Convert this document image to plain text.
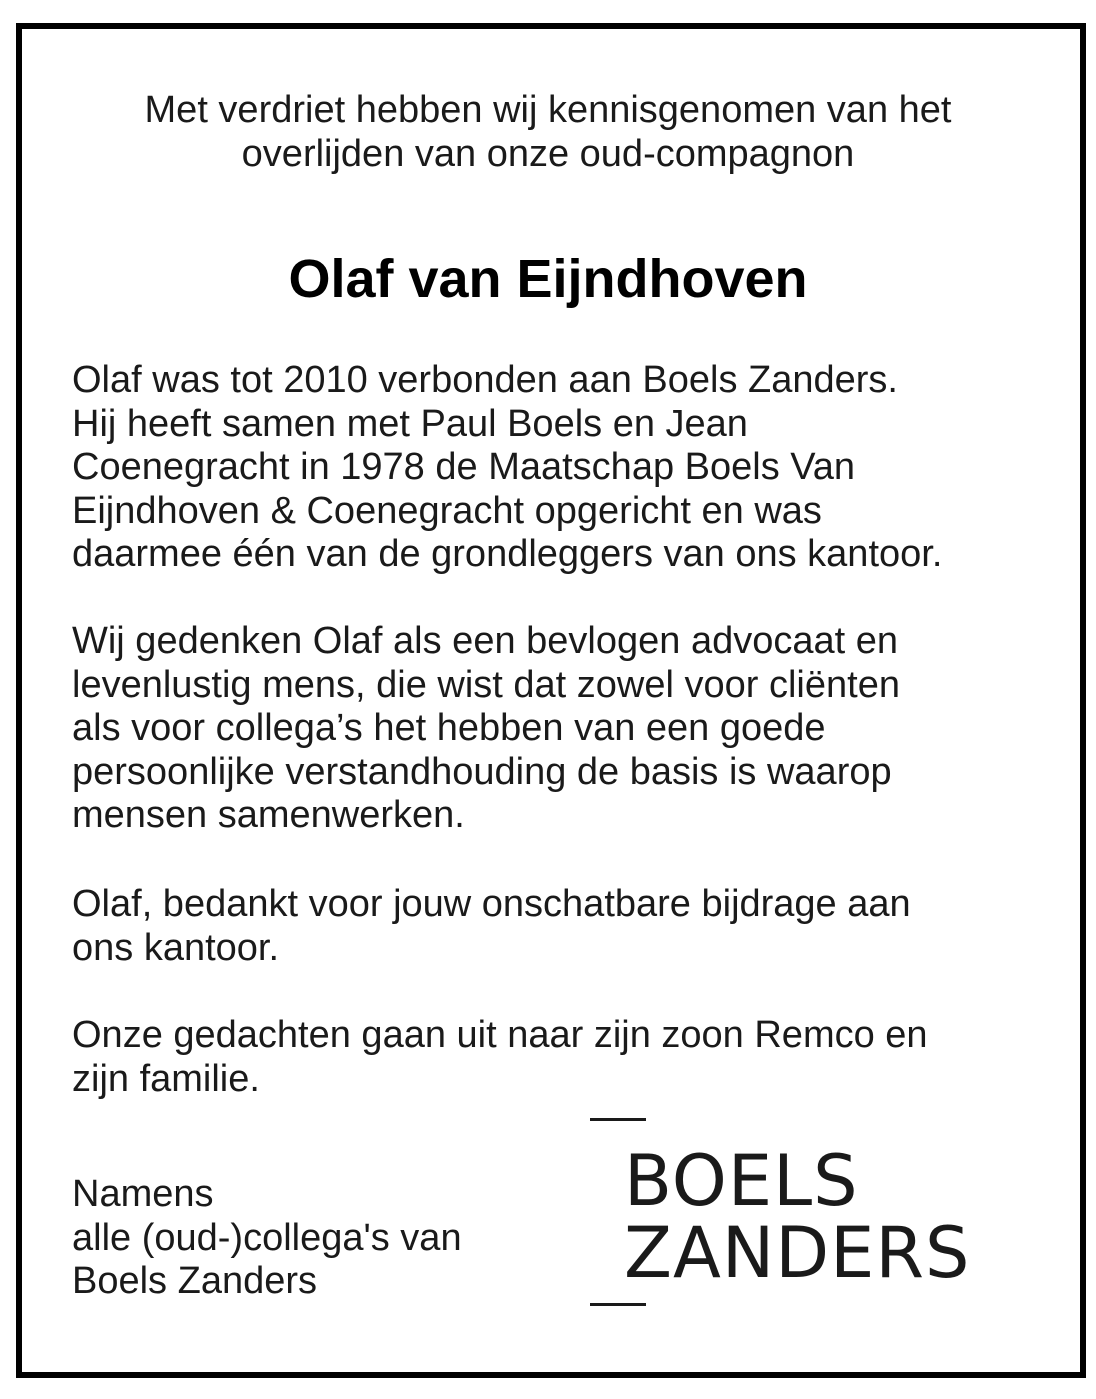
Met verdriet hebben wij kennisgenomen van het
overlijden van onze oud-compagnon
Olaf van Eijndhoven
Olaf was tot 2010 verbonden aan Boels Zanders.
Hij heeft samen met Paul Boels en Jean
Coenegracht in 1978 de Maatschap Boels Van
Eijndhoven & Coenegracht opgericht en was
daarmee één van de grondleggers van ons kantoor.
Wij gedenken Olaf als een bevlogen advocaat en
levenlustig mens, die wist dat zowel voor cliënten
als voor collega’s het hebben van een goede
persoonlijke verstandhouding de basis is waarop
mensen samenwerken.
Olaf, bedankt voor jouw onschatbare bijdrage aan
ons kantoor.
Onze gedachten gaan uit naar zijn zoon Remco en
zijn familie.
Namens
alle (oud-)collega's van
Boels Zanders
BOELS
ZANDERS
